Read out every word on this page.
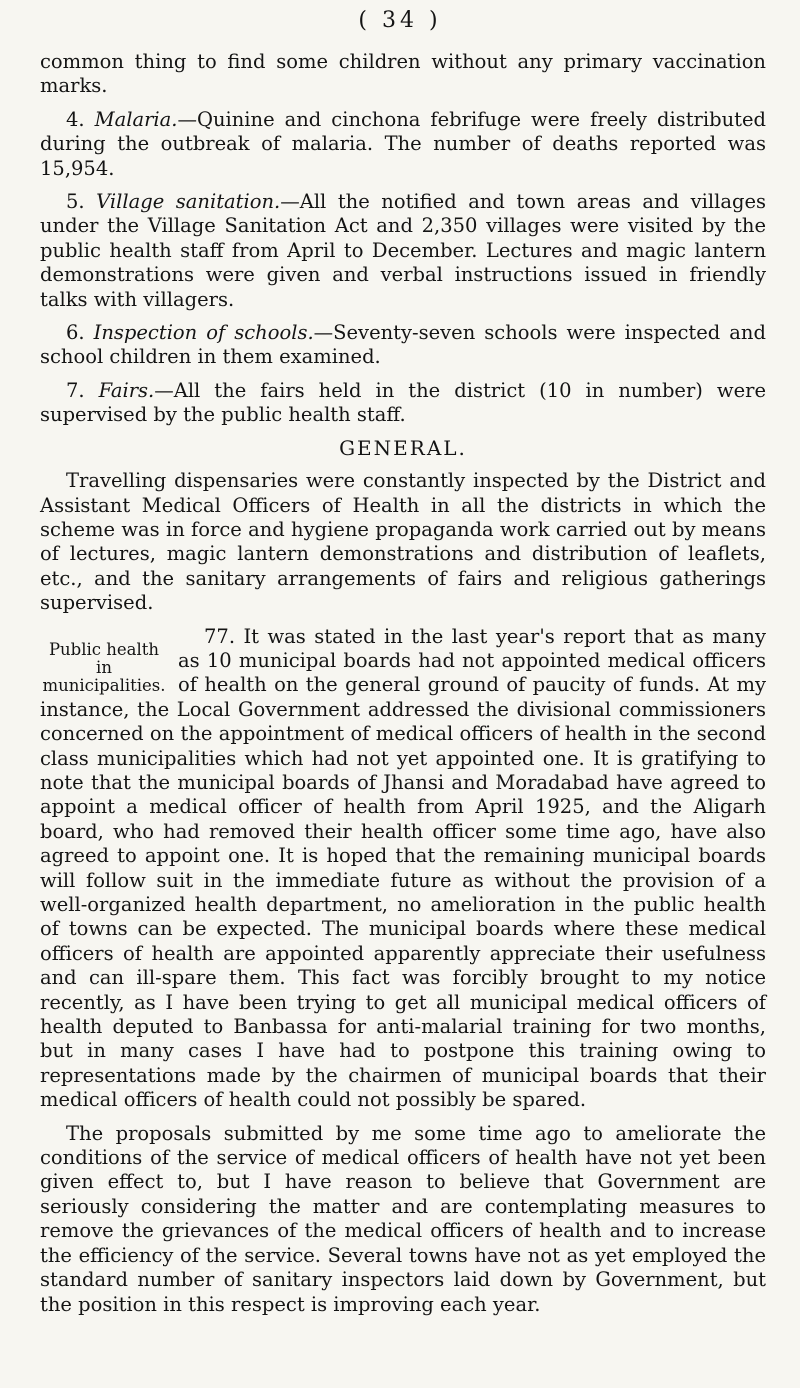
( 34 )

common thing to find some children without any primary vaccination marks.

4. Malaria.—Quinine and cinchona febrifuge were freely distributed during the outbreak of malaria. The number of deaths reported was 15,954.

5. Village sanitation.—All the notified and town areas and villages under the Village Sanitation Act and 2,350 villages were visited by the public health staff from April to December. Lectures and magic lantern demonstrations were given and verbal instructions issued in friendly talks with villagers.

6. Inspection of schools.—Seventy-seven schools were inspected and school children in them examined.

7. Fairs.—All the fairs held in the district (10 in number) were supervised by the public health staff.

GENERAL.

Travelling dispensaries were constantly inspected by the District and Assistant Medical Officers of Health in all the districts in which the scheme was in force and hygiene propaganda work carried out by means of lectures, magic lantern demonstrations and distribution of leaflets, etc., and the sanitary arrangements of fairs and religious gatherings supervised.

Public health in municipalities.
77. It was stated in the last year's report that as many as 10 municipal boards had not appointed medical officers of health on the general ground of paucity of funds. At my instance, the Local Government addressed the divisional commissioners concerned on the appointment of medical officers of health in the second class municipalities which had not yet appointed one. It is gratifying to note that the municipal boards of Jhansi and Moradabad have agreed to appoint a medical officer of health from April 1925, and the Aligarh board, who had removed their health officer some time ago, have also agreed to appoint one. It is hoped that the remaining municipal boards will follow suit in the immediate future as without the provision of a well-organized health department, no amelioration in the public health of towns can be expected. The municipal boards where these medical officers of health are appointed apparently appreciate their usefulness and can ill-spare them. This fact was forcibly brought to my notice recently, as I have been trying to get all municipal medical officers of health deputed to Banbassa for anti-malarial training for two months, but in many cases I have had to postpone this training owing to representations made by the chairmen of municipal boards that their medical officers of health could not possibly be spared.

The proposals submitted by me some time ago to ameliorate the conditions of the service of medical officers of health have not yet been given effect to, but I have reason to believe that Government are seriously considering the matter and are contemplating measures to remove the grievances of the medical officers of health and to increase the efficiency of the service. Several towns have not as yet employed the standard number of sanitary inspectors laid down by Government, but the position in this respect is improving each year.
